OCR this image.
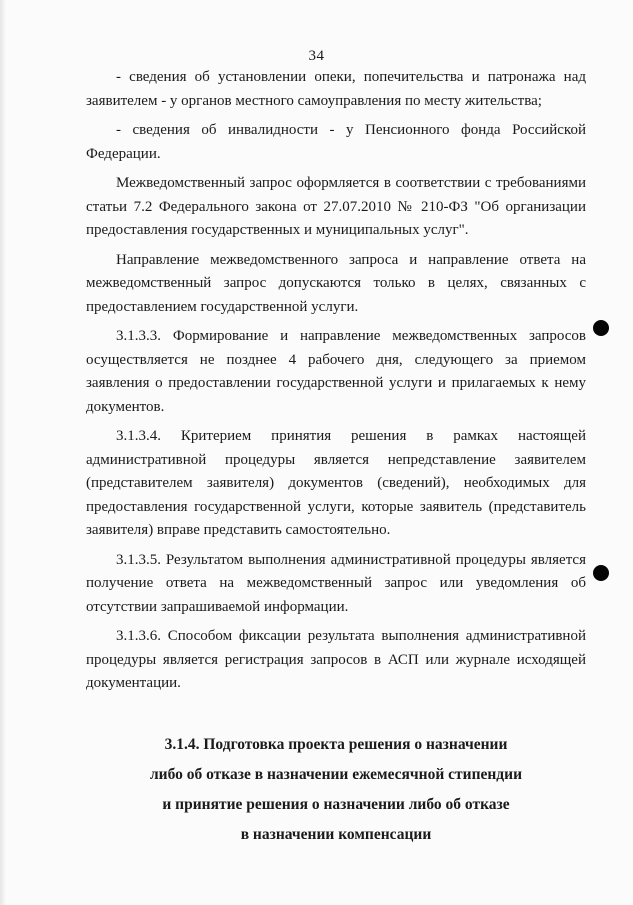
34

- сведения об установлении опеки, попечительства и патронажа над заявителем - у органов местного самоуправления по месту жительства;

- сведения об инвалидности - у Пенсионного фонда Российской Федерации.

Межведомственный запрос оформляется в соответствии с требованиями статьи 7.2 Федерального закона от 27.07.2010 № 210-ФЗ "Об организации предоставления государственных и муниципальных услуг".

Направление межведомственного запроса и направление ответа на межведомственный запрос допускаются только в целях, связанных с предоставлением государственной услуги.

3.1.3.3. Формирование и направление межведомственных запросов осуществляется не позднее 4 рабочего дня, следующего за приемом заявления о предоставлении государственной услуги и прилагаемых к нему документов.

3.1.3.4. Критерием принятия решения в рамках настоящей административной процедуры является непредставление заявителем (представителем заявителя) документов (сведений), необходимых для предоставления государственной услуги, которые заявитель (представитель заявителя) вправе представить самостоятельно.

3.1.3.5. Результатом выполнения административной процедуры является получение ответа на межведомственный запрос или уведомления об отсутствии запрашиваемой информации.

3.1.3.6. Способом фиксации результата выполнения административной процедуры является регистрация запросов в АСП или журнале исходящей документации.

3.1.4. Подготовка проекта решения о назначении
либо об отказе в назначении ежемесячной стипендии
и принятие решения о назначении либо об отказе
в назначении компенсации
